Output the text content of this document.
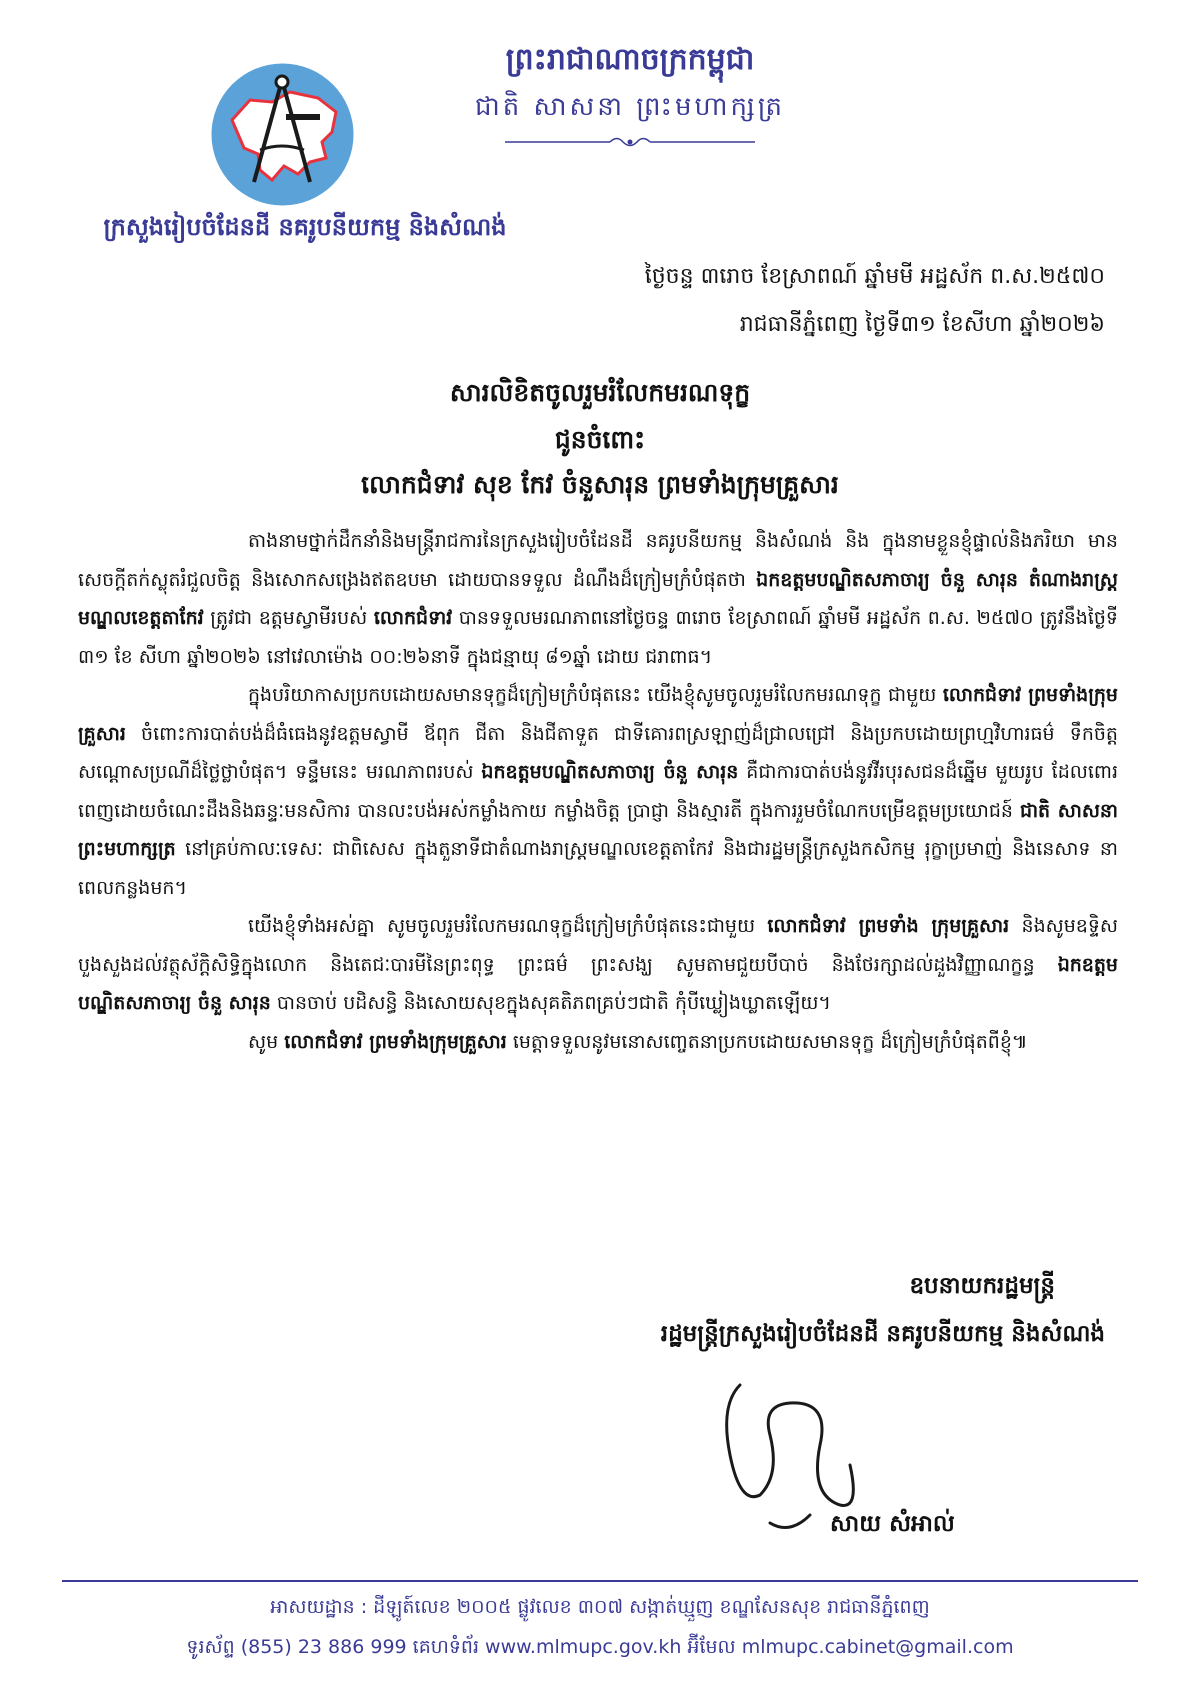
ព្រះរាជាណាចក្រកម្ពុជា
ជាតិ សាសនា ព្រះមហាក្សត្រ
ក្រសួងរៀបចំដែនដី នគរូបនីយកម្ម និងសំណង់
ថ្ងៃចន្ទ ៣រោច ខែស្រាពណ៍ ឆ្នាំមមី អដ្ឋស័ក ព.ស.២៥៧០
រាជធានីភ្នំពេញ ថ្ងៃទី៣១ ខែសីហា ឆ្នាំ២០២៦
សារលិខិតចូលរួមរំលែកមរណទុក្ខ
ជូនចំពោះ
លោកជំទាវ សុខ កែវ ចំនួសារុន ព្រមទាំងក្រុមគ្រួសារ

តាងនាមថ្នាក់ដឹកនាំនិងមន្ត្រីរាជការនៃក្រសួងរៀបចំដែនដី នគរូបនីយកម្ម និងសំណង់ និង ក្នុងនាមខ្លួនខ្ញុំផ្ទាល់និងភរិយា មានសេចក្ដីតក់ស្លុតរំជួលចិត្ត និងសោកសង្រេងឥតឧបមា ដោយបានទទួល ដំណឹងដ៏ក្រៀមក្រំបំផុតថា ឯកឧត្តមបណ្ឌិតសភាចារ្យ ចំនួ សារុន តំណាងរាស្ត្រមណ្ឌលខេត្តតាកែវ ត្រូវជា ឧត្តមស្វាមីរបស់ លោកជំទាវ បានទទួលមរណភាពនៅថ្ងៃចន្ទ ៣រោច ខែស្រាពណ៍ ឆ្នាំមមី អដ្ឋស័ក ព.ស. ២៥៧០ ត្រូវនឹងថ្ងៃទី ៣១ ខែ សីហា ឆ្នាំ២០២៦ នៅវេលាម៉ោង ០០:២៦នាទី ក្នុងជន្មាយុ ៨១ឆ្នាំ ដោយ ជរាពាធ។

ក្នុងបរិយាកាសប្រកបដោយសមានទុក្ខដ៏ក្រៀមក្រំបំផុតនេះ យើងខ្ញុំសូមចូលរួមរំលែកមរណទុក្ខ ជាមួយ លោកជំទាវ ព្រមទាំងក្រុមគ្រួសារ ចំពោះការបាត់បង់ដ៏ធំធេងនូវឧត្តមស្វាមី ឪពុក ជីតា និងជីតាទួត ជាទីគោរពស្រឡាញ់ដ៏ជ្រាលជ្រៅ និងប្រកបដោយព្រហ្មវិហារធម៌ ទឹកចិត្តសណ្ដោសប្រណីដ៏ថ្លៃថ្លាបំផុត។ ទន្ទឹមនេះ មរណភាពរបស់ ឯកឧត្តមបណ្ឌិតសភាចារ្យ ចំនួ សារុន គឺជាការបាត់បង់នូវវីរបុរសជនដ៏ឆ្នើម មួយរូប ដែលពោរពេញដោយចំណេះដឹងនិងឆន្ទៈមនសិការ បានលះបង់អស់កម្លាំងកាយ កម្លាំងចិត្ត ប្រាជ្ញា និងស្មារតី ក្នុងការរួមចំណែកបម្រើឧត្តមប្រយោជន៍ ជាតិ សាសនា ព្រះមហាក្សត្រ នៅគ្រប់កាលៈទេសៈ ជាពិសេស ក្នុងតួនាទីជាតំណាងរាស្ត្រមណ្ឌលខេត្តតាកែវ និងជារដ្ឋមន្ត្រីក្រសួងកសិកម្ម រុក្ខាប្រមាញ់ និងនេសាទ នាពេលកន្លងមក។

យើងខ្ញុំទាំងអស់គ្នា សូមចូលរួមរំលែកមរណទុក្ខដ៏ក្រៀមក្រំបំផុតនេះជាមួយ លោកជំទាវ ព្រមទាំង ក្រុមគ្រួសារ និងសូមឧទ្ទិសបួងសួងដល់វត្ថុស័ក្ដិសិទ្ធិក្នុងលោក និងតេជៈបារមីនៃព្រះពុទ្ធ ព្រះធម៌ ព្រះសង្ឃ សូមតាមជួយបីបាច់ និងថែរក្សាដល់ដួងវិញ្ញាណក្ខន្ធ ឯកឧត្តមបណ្ឌិតសភាចារ្យ ចំនួ សារុន បានចាប់ បដិសន្ធិ និងសោយសុខក្នុងសុគតិភពគ្រប់ៗជាតិ កុំបីឃ្លៀងឃ្លាតឡើយ។

សូម លោកជំទាវ ព្រមទាំងក្រុមគ្រួសារ មេត្តាទទួលនូវមនោសញ្ចេតនាប្រកបដោយសមានទុក្ខ ដ៏ក្រៀមក្រំបំផុតពីខ្ញុំ៕

ឧបនាយករដ្ឋមន្ត្រី
រដ្ឋមន្ត្រីក្រសួងរៀបចំដែនដី នគរូបនីយកម្ម និងសំណង់
សាយ សំអាល់
អាសយដ្ឋាន : ដីឡូត៍លេខ ២០០៥ ផ្លូវលេខ ៣០៧ សង្កាត់ឃ្មួញ ខណ្ឌសែនសុខ រាជធានីភ្នំពេញ
ទូរស័ព្ទ (855) 23 886 999 គេហទំព័រ www.mlmupc.gov.kh អ៊ីមែល mlmupc.cabinet@gmail.com
